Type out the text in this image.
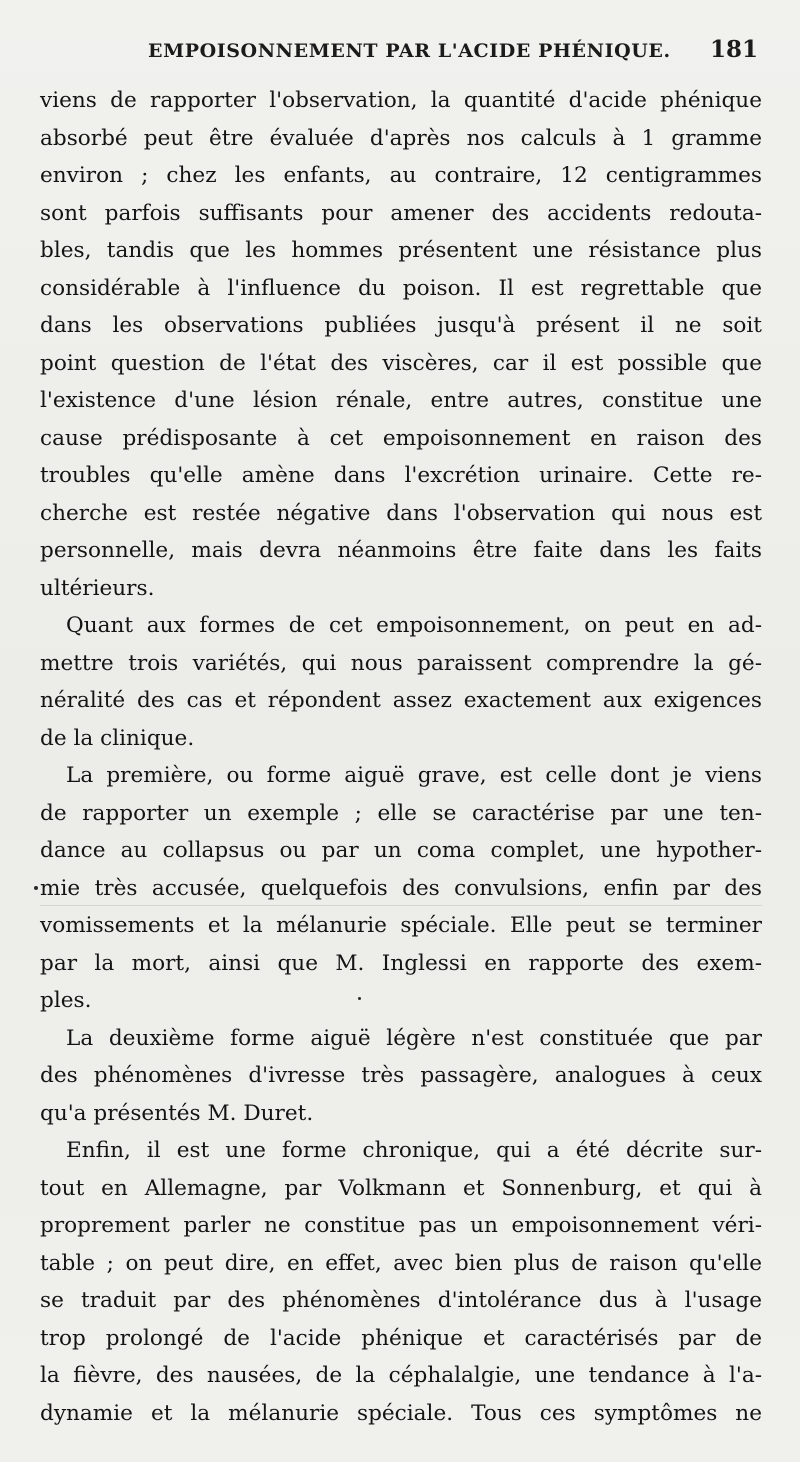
EMPOISONNEMENT PAR L'ACIDE PHÉNIQUE. 181
viens de rapporter l'observation, la quantité d'acide phénique
absorbé peut être évaluée d'après nos calculs à 1 gramme
environ ; chez les enfants, au contraire, 12 centigrammes
sont parfois suffisants pour amener des accidents redouta-
bles, tandis que les hommes présentent une résistance plus
considérable à l'influence du poison. Il est regrettable que
dans les observations publiées jusqu'à présent il ne soit
point question de l'état des viscères, car il est possible que
l'existence d'une lésion rénale, entre autres, constitue une
cause prédisposante à cet empoisonnement en raison des
troubles qu'elle amène dans l'excrétion urinaire. Cette re-
cherche est restée négative dans l'observation qui nous est
personnelle, mais devra néanmoins être faite dans les faits
ultérieurs.
Quant aux formes de cet empoisonnement, on peut en ad-
mettre trois variétés, qui nous paraissent comprendre la gé-
néralité des cas et répondent assez exactement aux exigences
de la clinique.
La première, ou forme aiguë grave, est celle dont je viens
de rapporter un exemple ; elle se caractérise par une ten-
dance au collapsus ou par un coma complet, une hypother-
mie très accusée, quelquefois des convulsions, enfin par des
vomissements et la mélanurie spéciale. Elle peut se terminer
par la mort, ainsi que M. Inglessi en rapporte des exem-
ples.
La deuxième forme aiguë légère n'est constituée que par
des phénomènes d'ivresse très passagère, analogues à ceux
qu'a présentés M. Duret.
Enfin, il est une forme chronique, qui a été décrite sur-
tout en Allemagne, par Volkmann et Sonnenburg, et qui à
proprement parler ne constitue pas un empoisonnement véri-
table ; on peut dire, en effet, avec bien plus de raison qu'elle
se traduit par des phénomènes d'intolérance dus à l'usage
trop prolongé de l'acide phénique et caractérisés par de
la fièvre, des nausées, de la céphalalgie, une tendance à l'a-
dynamie et la mélanurie spéciale. Tous ces symptômes ne
